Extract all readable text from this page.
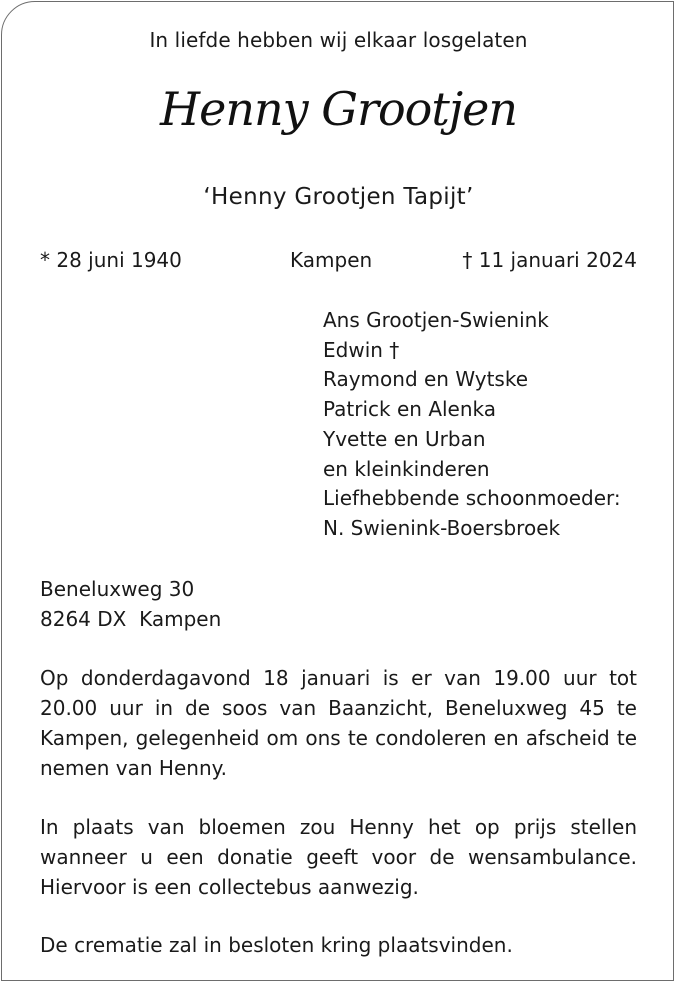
In liefde hebben wij elkaar losgelaten
Henny Grootjen
‘Henny Grootjen Tapijt’
* 28 juni 1940	Kampen	† 11 januari 2024
Ans Grootjen-Swienink
Edwin †
Raymond en Wytske
Patrick en Alenka
Yvette en Urban
en kleinkinderen
Liefhebbende schoonmoeder:
N. Swienink-Boersbroek
Beneluxweg 30
8264 DX  Kampen
Op donderdagavond 18 januari is er van 19.00 uur tot 20.00 uur in de soos van Baanzicht, Beneluxweg 45 te Kampen, gelegenheid om ons te condoleren en afscheid te nemen van Henny.
In plaats van bloemen zou Henny het op prijs stellen wanneer u een donatie geeft voor de wensambulance. Hiervoor is een collectebus aanwezig.
De crematie zal in besloten kring plaatsvinden.
